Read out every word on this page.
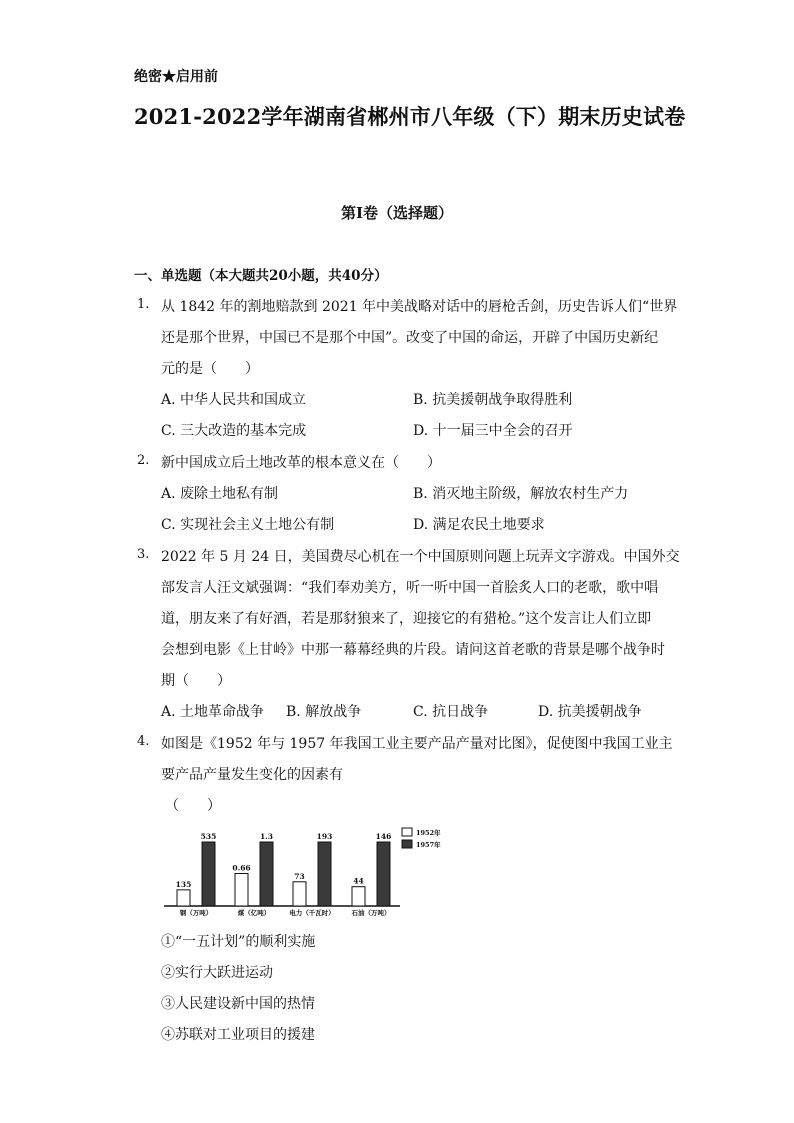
绝密★启用前
2021-2022学年湖南省郴州市八年级（下）期末历史试卷
第I卷（选择题）
一、单选题（本大题共20小题，共40分）
1. 从 1842 年的割地赔款到 2021 年中美战略对话中的唇枪舌剑，历史告诉人们“世界
还是那个世界，中国已不是那个中国”。改变了中国的命运，开辟了中国历史新纪
元的是（　　）
A. 中华人民共和国成立	B. 抗美援朝战争取得胜利
C. 三大改造的基本完成	D. 十一届三中全会的召开
2. 新中国成立后土地改革的根本意义在（　　）
A. 废除土地私有制	B. 消灭地主阶级，解放农村生产力
C. 实现社会主义土地公有制	D. 满足农民土地要求
3. 2022 年 5 月 24 日，美国费尽心机在一个中国原则问题上玩弄文字游戏。中国外交
部发言人汪文斌强调：“我们奉劝美方，听一听中国一首脍炙人口的老歌，歌中唱
道，朋友来了有好酒，若是那豺狼来了，迎接它的有猎枪。”这个发言让人们立即
会想到电影《上甘岭》中那一幕幕经典的片段。请问这首老歌的背景是哪个战争时
期（　　）
A. 土地革命战争 B. 解放战争	C. 抗日战争	D. 抗美援朝战争
4. 如图是《1952 年与 1957 年我国工业主要产品产量对比图》，促使图中我国工业主
要产品产量发生变化的因素有
（　　）
135
535
钢（万吨）
0.66
1.3
煤（亿吨）
73
193
电力（千瓦时）
44
146
石油（万吨）
1952年
1957年
①“一五计划”的顺利实施
②实行大跃进运动
③人民建设新中国的热情
④苏联对工业项目的援建
